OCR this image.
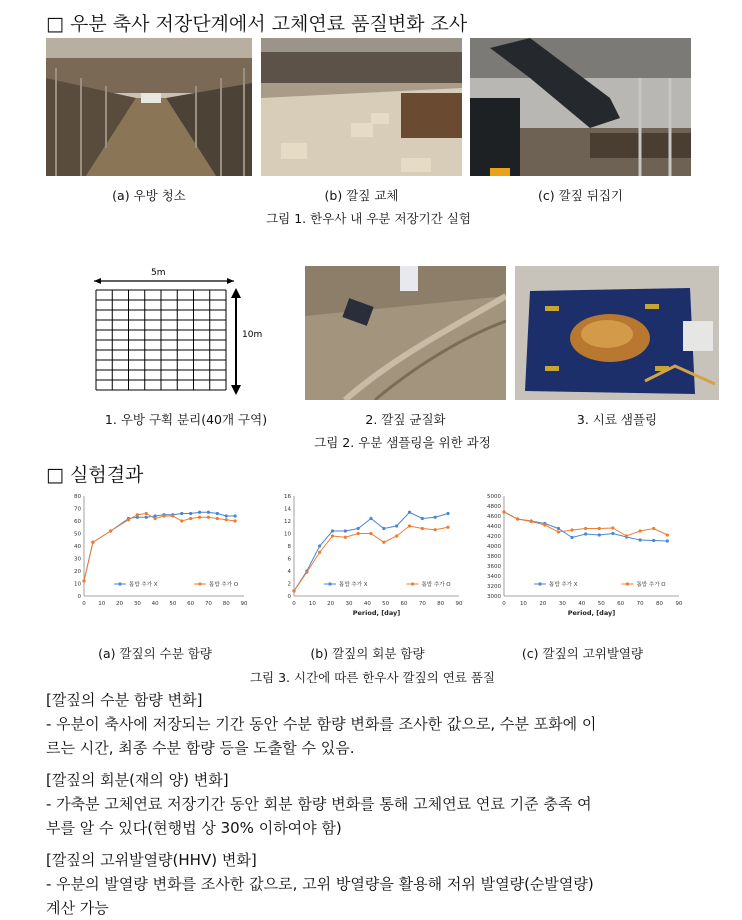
□ 우분 축사 저장단계에서 고체연료 품질변화 조사
(a) 우방 청소	(b) 깔짚 교체	(c) 깔짚 뒤집기
그림 1. 한우사 내 우분 저장기간 실험
5m
10m
1. 우방 구획 분리(40개 구역)	2. 깔짚 균질화	3. 시료 샘플링
그림 2. 우분 샘플링을 위한 과정
□ 실험결과
0 10 20 30 40 50 60 70 80 90
0
10
20
30
40
50
60
70
80
톱밥 추가 X	톱밥 추가 O
0 10 20 30 40 50 60 70 80 90
0
2
4
6
8
10
12
14
16
Period, [day]
톱밥 추가 X	톱밥 추가 O
0	10 20 30 40 50 60 70 80 90
3000
3200
3400
3600
3800
4000
4200
4400
4600
4800
5000
Period, [day]
톱밥 추가 X	톱밥 추가 O
(a) 깔짚의 수분 함량	(b) 깔짚의 회분 함량	(c) 깔짚의 고위발열량
그림 3. 시간에 따른 한우사 깔짚의 연료 품질
[깔짚의 수분 함량 변화]
- 우분이 축사에 저장되는 기간 동안 수분 함량 변화를 조사한 값으로, 수분 포화에 이
르는 시간, 최종 수분 함량 등을 도출할 수 있음.
[깔짚의 회분(재의 양) 변화]
- 가축분 고체연료 저장기간 동안 회분 함량 변화를 통해 고체연료 연료 기준 충족 여
부를 알 수 있다(현행법 상 30% 이하여야 함)
[깔짚의 고위발열량(HHV) 변화]
- 우분의 발열량 변화를 조사한 값으로, 고위 방열량을 활용해 저위 발열량(순발열량)
계산 가능
